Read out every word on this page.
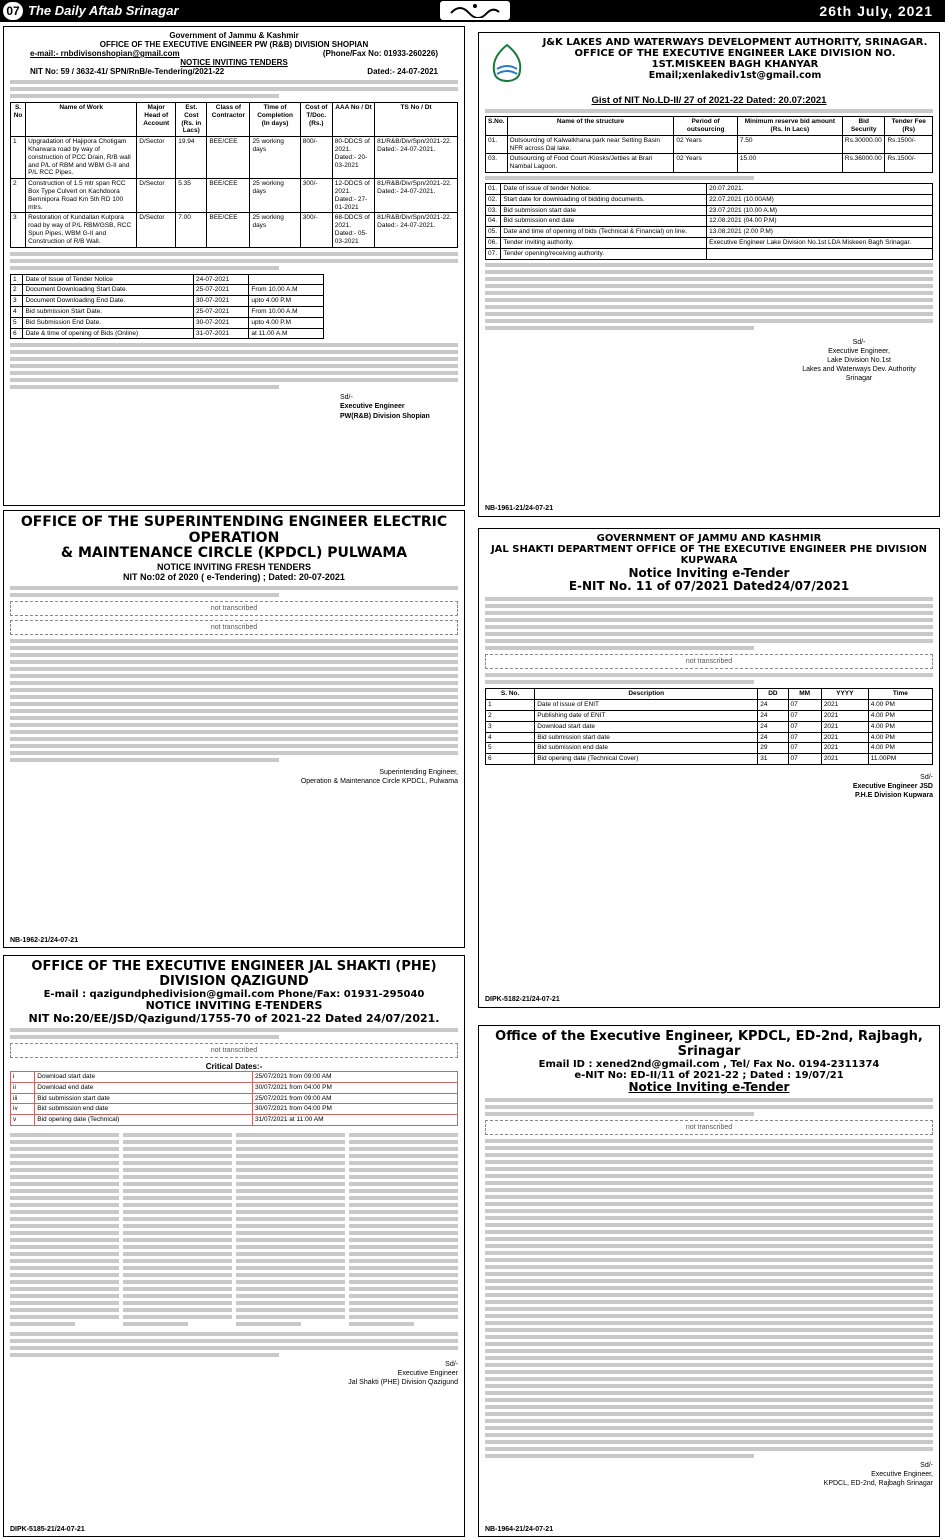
07 The Daily Aftab Srinagar	26th July, 2021
Government of Jammu & Kashmir
OFFICE OF THE EXECUTIVE ENGINEER PW (R&B) DIVISION SHOPIAN
e-mail:- rnbdivisonshopian@gmail.com	(Phone/Fax No: 01933-260226)
NOTICE INVITING TENDERS
NIT No: 59 / 3632-41/ SPN/RnB/e-Tendering/2021-22	Dated:- 24-07-2021
S. No	Name of Work	Major Head of Account	Est. Cost (Rs. in Lacs)	Class of Contractor	Time of Completion (In days)	Cost of T/Doc. (Rs.)	AAA No / Dt	TS No / Dt
1	Upgradation of Hajipora Chotigam Kharwara road by way of construction of PCC Drain, R/B wall and P/L of RBM and WBM G-II and P/L RCC Pipes.	D/Sector	19.94	BEE/CEE	25 working days	800/-	80-DDCS of 2021. Dated:- 20-03-2021	81/R&B/Div/Spn/2021-22. Dated:- 24-07-2021.
2	Construction of 1.5 mtr span RCC Box Type Culvert on Kachdoora Bemnipora Road Km 5th RD 100 mtrs.	D/Sector	5.35	BEE/CEE	25 working days	300/-	12-DDCS of 2021. Dated:- 27-01-2021	81/R&B/Div/Spn/2021-22. Dated:- 24-07-2021.
3	Restoration of Kundallan Kutpora road by way of P/L RBM/GSB, RCC Spun Pipes, WBM G-II and Construction of R/B Wall.	D/Sector	7.00	BEE/CEE	25 working days	300/-	68-DDCS of 2021. Dated:- 05-03-2021	81/R&B/Div/Spn/2021-22. Dated:- 24-07-2021.
1	Date of Issue of Tender Notice	24-07-2021	
2	Document Downloading Start Date.	25-07-2021	From 10.00 A.M
3	Document Downloading End Date.	30-07-2021	upto 4.00 P.M
4	Bid submission Start Date.	25-07-2021	From 10.00 A.M
5	Bid Submission End Date.	30-07-2021	upto 4.00 P.M
6	Date & time of opening of Bids (Online)	31-07-2021	at 11.00 A.M
Sd/-
Executive Engineer
PW(R&B) Division Shopian
J&K LAKES AND WATERWAYS DEVELOPMENT AUTHORITY, SRINAGAR.
OFFICE OF THE EXECUTIVE ENGINEER LAKE DIVISION NO. 1ST.MISKEEN BAGH KHANYAR
Email;xenlakediv1st@gmail.com
Gist of NIT No.LD-II/ 27 of 2021-22 Dated: 20.07:2021
S.No.	Name of the structure	Period of outsourcing	Minimum reserve bid amount (Rs. In Lacs)	Bid Security	Tender Fee (Rs)
01.	Outsourcing of Kalwalkhana park near Setting Basin NFR across Dal lake.	02 Years	7.50	Rs.30000.00	Rs.1500/-
03.	Outsourcing of Food Court /Kiosks/Jetties at Brari Nambal Lagoon.	02 Years	15.00	Rs.36000.00	Rs.1500/-
01.	Date of issue of tender Notice.	20.07.2021.
02.	Start date for downloading of bidding documents.	22.07.2021 (10.00AM)
03.	Bid submission start date	23.07.2021 (10.00 A.M)
04.	Bid submission end date	12.08.2021 (04.00 P.M)
05.	Date and time of opening of bids (Technical & Financial) on line.	13.08.2021 (2.00 P.M)
06.	Tender inviting authority.	Executive Engineer Lake Division No.1st LDA Miskeen Bagh Srinagar.
07.	Tender opening/receiving authority.	
Sd/-
Executive Engineer,
Lake Division No.1st
Lakes and Waterways Dev. Authority
Srinagar
NB-1961-21/24-07-21
OFFICE OF THE SUPERINTENDING ENGINEER ELECTRIC OPERATION
& MAINTENANCE CIRCLE (KPDCL) PULWAMA
NOTICE INVITING FRESH TENDERS
NIT No:02 of 2020 ( e-Tendering) ; Dated: 20-07-2021
not transcribed
not transcribed
Superintending Engineer,
Operation & Maintenance Circle KPDCL, Pulwama
NB-1962-21/24-07-21
GOVERNMENT OF JAMMU AND KASHMIR
JAL SHAKTI DEPARTMENT OFFICE OF THE EXECUTIVE ENGINEER PHE DIVISION KUPWARA
Notice Inviting e-Tender
E-NIT No. 11 of 07/2021 Dated24/07/2021
not transcribed
S. No.	Description	DD	MM	YYYY	Time
1	Date of issue of ENIT	24	07	2021	4.00 PM
2	Publishing date of ENIT	24	07	2021	4.00 PM
3	Download start date	24	07	2021	4.00 PM
4	Bid submission start date	24	07	2021	4.00 PM
5	Bid submission end date	29	07	2021	4.00 PM
6	Bid opening date (Technical Cover)	31	07	2021	11.00PM
Sd/-
Executive Engineer JSD
P.H.E Division Kupwara
DIPK-5182-21/24-07-21
OFFICE OF THE EXECUTIVE ENGINEER JAL SHAKTI (PHE) DIVISION QAZIGUND
E-mail : qazigundphedivision@gmail.com Phone/Fax: 01931-295040
NOTICE INVITING E-TENDERS
NIT No:20/EE/JSD/Qazigund/1755-70 of 2021-22 Dated 24/07/2021.
not transcribed
Critical Dates:-
i	Download start date	25/07/2021 from 09:00 AM
ii	Download end date	30/07/2021 from 04:00 PM
iii	Bid submission start date	25/07/2021 from 09:00 AM
iv	Bid submission end date	30/07/2021 from 04:00 PM
v	Bid opening date (Technical)	31/07/2021 at 11:00 AM
Sd/-
Executive Engineer
Jal Shakti (PHE) Division Qazigund
DIPK-5185-21/24-07-21
Office of the Executive Engineer, KPDCL, ED-2nd, Rajbagh, Srinagar
Email ID : xened2nd@gmail.com , Tel/ Fax No. 0194-2311374
e-NIT No: ED-II/11 of 2021-22 ; Dated : 19/07/21
Notice Inviting e-Tender
not transcribed
Sd/-
Executive Engineer,
KPDCL, ED-2nd, Rajbagh Srinagar
NB-1964-21/24-07-21
